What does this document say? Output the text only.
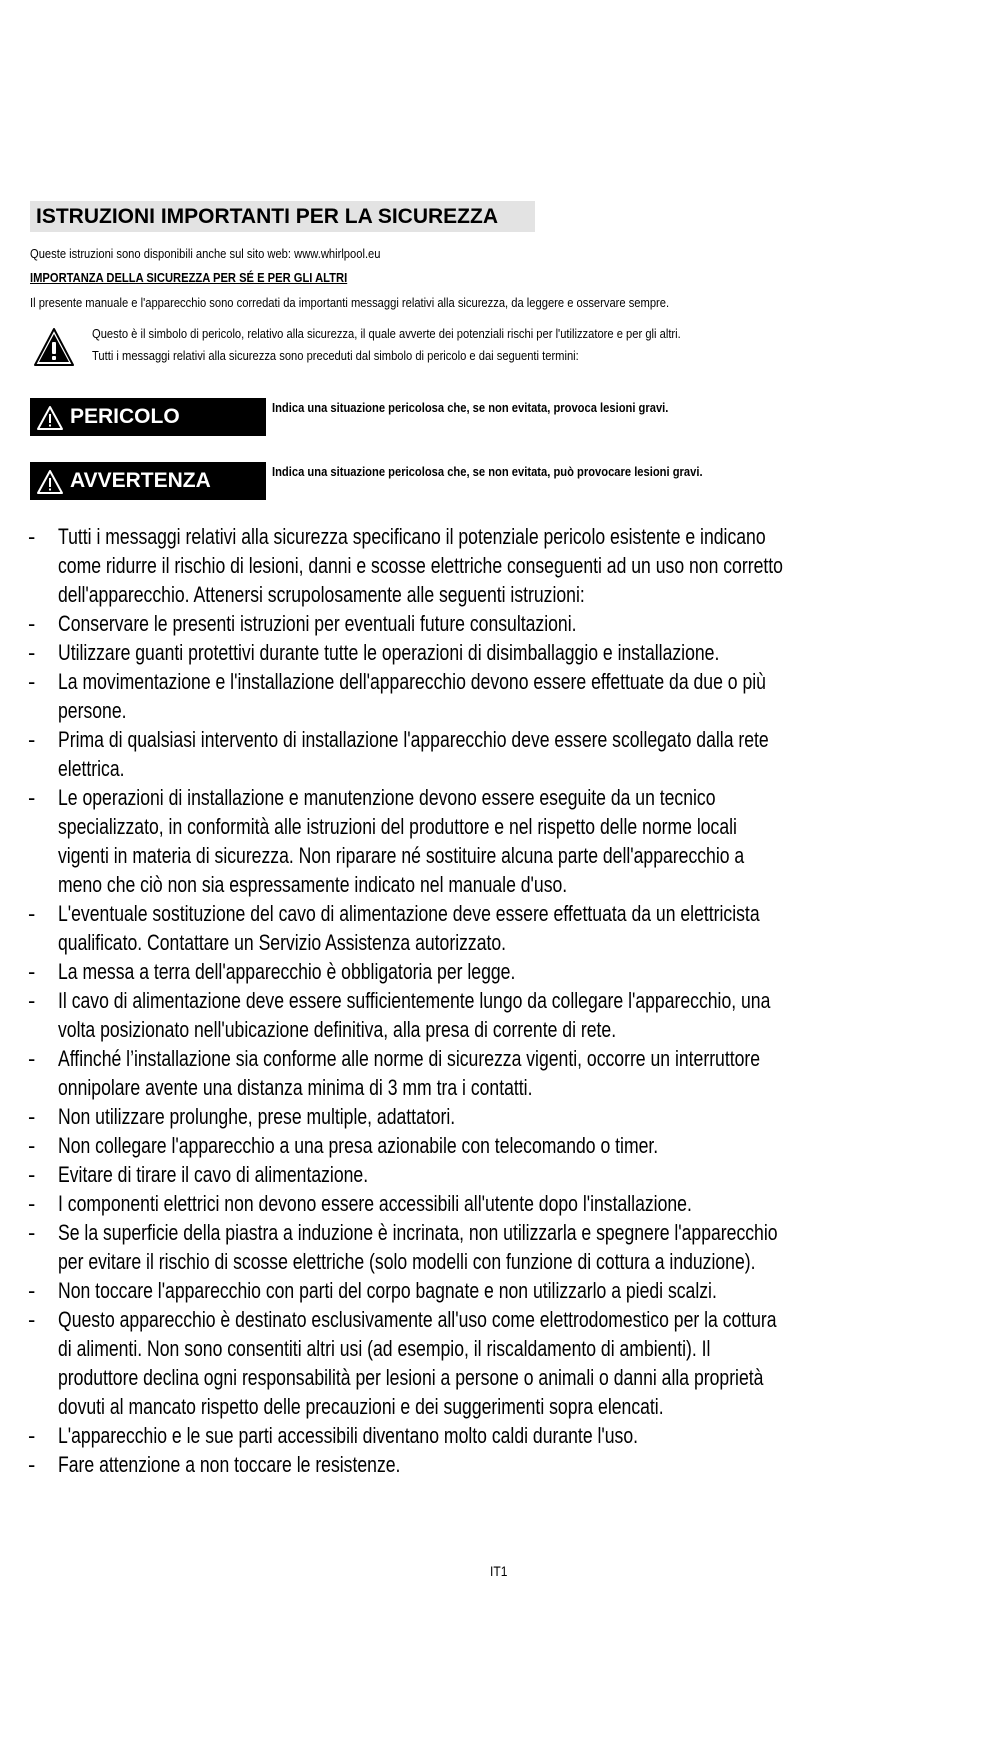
ISTRUZIONI IMPORTANTI PER LA SICUREZZA
Queste istruzioni sono disponibili anche sul sito web: www.whirlpool.eu
IMPORTANZA DELLA SICUREZZA PER SÉ E PER GLI ALTRI
Il presente manuale e l'apparecchio sono corredati da importanti messaggi relativi alla sicurezza, da leggere e osservare sempre.
Questo è il simbolo di pericolo, relativo alla sicurezza, il quale avverte dei potenziali rischi per l'utilizzatore e per gli altri.
Tutti i messaggi relativi alla sicurezza sono preceduti dal simbolo di pericolo e dai seguenti termini:
PERICOLO	Indica una situazione pericolosa che, se non evitata, provoca lesioni gravi.
AVVERTENZA	Indica una situazione pericolosa che, se non evitata, può provocare lesioni gravi.
-	Tutti i messaggi relativi alla sicurezza specificano il potenziale pericolo esistente e indicano come ridurre il rischio di lesioni, danni e scosse elettriche conseguenti ad un uso non corretto dell'apparecchio. Attenersi scrupolosamente alle seguenti istruzioni:
-	Conservare le presenti istruzioni per eventuali future consultazioni.
-	Utilizzare guanti protettivi durante tutte le operazioni di disimballaggio e installazione.
-	La movimentazione e l'installazione dell'apparecchio devono essere effettuate da due o più persone.
-	Prima di qualsiasi intervento di installazione l'apparecchio deve essere scollegato dalla rete elettrica.
-	Le operazioni di installazione e manutenzione devono essere eseguite da un tecnico specializzato, in conformità alle istruzioni del produttore e nel rispetto delle norme locali vigenti in materia di sicurezza. Non riparare né sostituire alcuna parte dell'apparecchio a meno che ciò non sia espressamente indicato nel manuale d'uso.
-	L'eventuale sostituzione del cavo di alimentazione deve essere effettuata da un elettricista qualificato. Contattare un Servizio Assistenza autorizzato.
-	La messa a terra dell'apparecchio è obbligatoria per legge.
-	Il cavo di alimentazione deve essere sufficientemente lungo da collegare l'apparecchio, una volta posizionato nell'ubicazione definitiva, alla presa di corrente di rete.
-	Affinché l’installazione sia conforme alle norme di sicurezza vigenti, occorre un interruttore onnipolare avente una distanza minima di 3 mm tra i contatti.
-	Non utilizzare prolunghe, prese multiple, adattatori.
-	Non collegare l'apparecchio a una presa azionabile con telecomando o timer.
-	Evitare di tirare il cavo di alimentazione.
-	I componenti elettrici non devono essere accessibili all'utente dopo l'installazione.
-	Se la superficie della piastra a induzione è incrinata, non utilizzarla e spegnere l'apparecchio per evitare il rischio di scosse elettriche (solo modelli con funzione di cottura a induzione).
-	Non toccare l'apparecchio con parti del corpo bagnate e non utilizzarlo a piedi scalzi.
-	Questo apparecchio è destinato esclusivamente all'uso come elettrodomestico per la cottura di alimenti. Non sono consentiti altri usi (ad esempio, il riscaldamento di ambienti). Il produttore declina ogni responsabilità per lesioni a persone o animali o danni alla proprietà dovuti al mancato rispetto delle precauzioni e dei suggerimenti sopra elencati.
-	L'apparecchio e le sue parti accessibili diventano molto caldi durante l'uso.
-	Fare attenzione a non toccare le resistenze.
IT1
